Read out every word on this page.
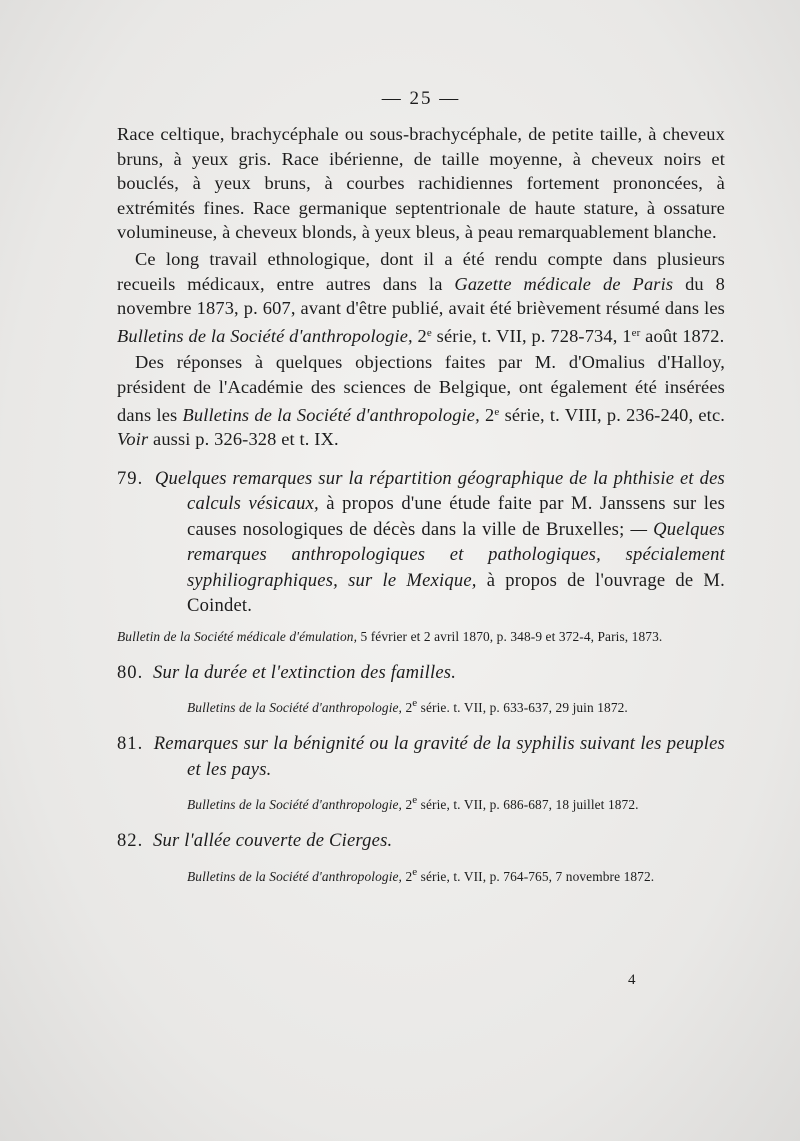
— 25 —

Race celtique, brachycéphale ou sous-brachycéphale, de petite taille, à cheveux bruns, à yeux gris. Race ibérienne, de taille moyenne, à cheveux noirs et bouclés, à yeux bruns, à courbes rachidiennes fortement prononcées, à extrémités fines. Race germanique septentrionale de haute stature, à ossature volumineuse, à cheveux blonds, à yeux bleus, à peau remarquablement blanche.

Ce long travail ethnologique, dont il a été rendu compte dans plusieurs recueils médicaux, entre autres dans la Gazette médicale de Paris du 8 novembre 1873, p. 607, avant d'être publié, avait été brièvement résumé dans les Bulletins de la Société d'anthropologie, 2e série, t. VII, p. 728-734, 1er août 1872.

Des réponses à quelques objections faites par M. d'Omalius d'Halloy, président de l'Académie des sciences de Belgique, ont également été insérées dans les Bulletins de la Société d'anthropologie, 2e série, t. VIII, p. 236-240, etc. Voir aussi p. 326-328 et t. IX.

79. Quelques remarques sur la répartition géographique de la phthisie et des calculs vésicaux, à propos d'une étude faite par M. Janssens sur les causes nosologiques de décès dans la ville de Bruxelles; — Quelques remarques anthropologiques et pathologiques, spécialement syphiliographiques, sur le Mexique, à propos de l'ouvrage de M. Coindet.
Bulletin de la Société médicale d'émulation, 5 février et 2 avril 1870, p. 348-9 et 372-4, Paris, 1873.
80. Sur la durée et l'extinction des familles.
Bulletins de la Société d'anthropologie, 2e série. t. VII, p. 633-637, 29 juin 1872.
81. Remarques sur la bénignité ou la gravité de la syphilis suivant les peuples et les pays.
Bulletins de la Société d'anthropologie, 2e série, t. VII, p. 686-687, 18 juillet 1872.
82. Sur l'allée couverte de Cierges.
Bulletins de la Société d'anthropologie, 2e série, t. VII, p. 764-765, 7 novembre 1872.
4
